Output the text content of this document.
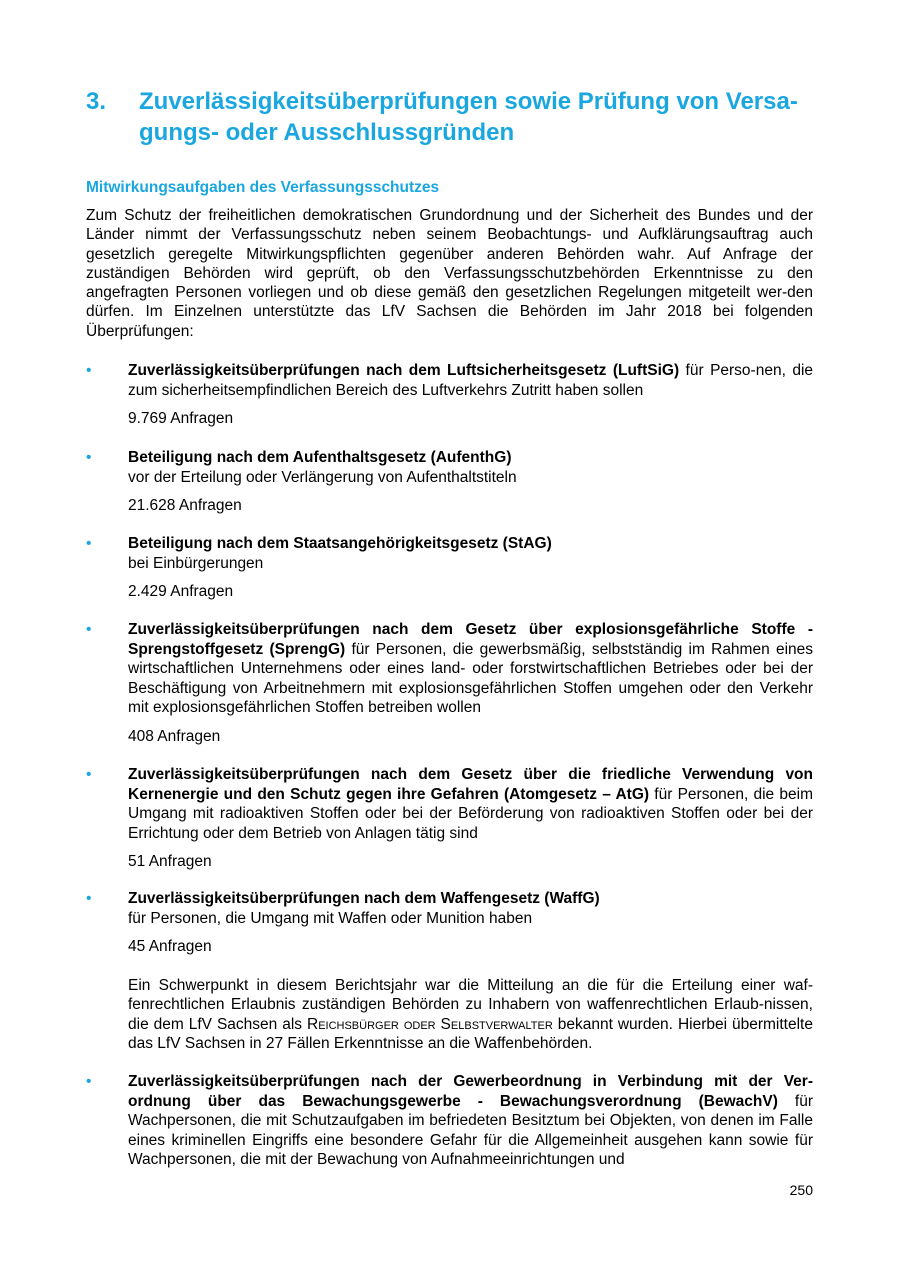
3. Zuverlässigkeitsüberprüfungen sowie Prüfung von Versa-
gungs- oder Ausschlussgründen
Mitwirkungsaufgaben des Verfassungsschutzes
Zum Schutz der freiheitlichen demokratischen Grundordnung und der Sicherheit des Bundes und der Länder nimmt der Verfassungsschutz neben seinem Beobachtungs- und Aufklärungsauftrag auch gesetzlich geregelte Mitwirkungspflichten gegenüber anderen Behörden wahr. Auf Anfrage der zuständigen Behörden wird geprüft, ob den Verfassungsschutzbehörden Erkenntnisse zu den angefragten Personen vorliegen und ob diese gemäß den gesetzlichen Regelungen mitgeteilt wer-den dürfen. Im Einzelnen unterstützte das LfV Sachsen die Behörden im Jahr 2018 bei folgenden Überprüfungen:
• Zuverlässigkeitsüberprüfungen nach dem Luftsicherheitsgesetz (LuftSiG) für Perso-nen, die zum sicherheitsempfindlichen Bereich des Luftverkehrs Zutritt haben sollen
9.769 Anfragen
• Beteiligung nach dem Aufenthaltsgesetz (AufenthG)
vor der Erteilung oder Verlängerung von Aufenthaltstiteln
21.628 Anfragen
• Beteiligung nach dem Staatsangehörigkeitsgesetz (StAG)
bei Einbürgerungen
2.429 Anfragen
• Zuverlässigkeitsüberprüfungen nach dem Gesetz über explosionsgefährliche Stoffe - Sprengstoffgesetz (SprengG) für Personen, die gewerbsmäßig, selbstständig im Rahmen eines wirtschaftlichen Unternehmens oder eines land- oder forstwirtschaftlichen Betriebes oder bei der Beschäftigung von Arbeitnehmern mit explosionsgefährlichen Stoffen umgehen oder den Verkehr mit explosionsgefährlichen Stoffen betreiben wollen
408 Anfragen
• Zuverlässigkeitsüberprüfungen nach dem Gesetz über die friedliche Verwendung von Kernenergie und den Schutz gegen ihre Gefahren (Atomgesetz – AtG) für Personen, die beim Umgang mit radioaktiven Stoffen oder bei der Beförderung von radioaktiven Stoffen oder bei der Errichtung oder dem Betrieb von Anlagen tätig sind
51 Anfragen
• Zuverlässigkeitsüberprüfungen nach dem Waffengesetz (WaffG)
für Personen, die Umgang mit Waffen oder Munition haben
45 Anfragen
Ein Schwerpunkt in diesem Berichtsjahr war die Mitteilung an die für die Erteilung einer waf-fenrechtlichen Erlaubnis zuständigen Behörden zu Inhabern von waffenrechtlichen Erlaub-nissen, die dem LfV Sachsen als Reichsbürger oder Selbstverwalter bekannt wurden. Hierbei übermittelte das LfV Sachsen in 27 Fällen Erkenntnisse an die Waffenbehörden.
• Zuverlässigkeitsüberprüfungen nach der Gewerbeordnung in Verbindung mit der Ver-ordnung über das Bewachungsgewerbe - Bewachungsverordnung (BewachV) für Wachpersonen, die mit Schutzaufgaben im befriedeten Besitztum bei Objekten, von denen im Falle eines kriminellen Eingriffs eine besondere Gefahr für die Allgemeinheit ausgehen kann sowie für Wachpersonen, die mit der Bewachung von Aufnahmeeinrichtungen und
250
